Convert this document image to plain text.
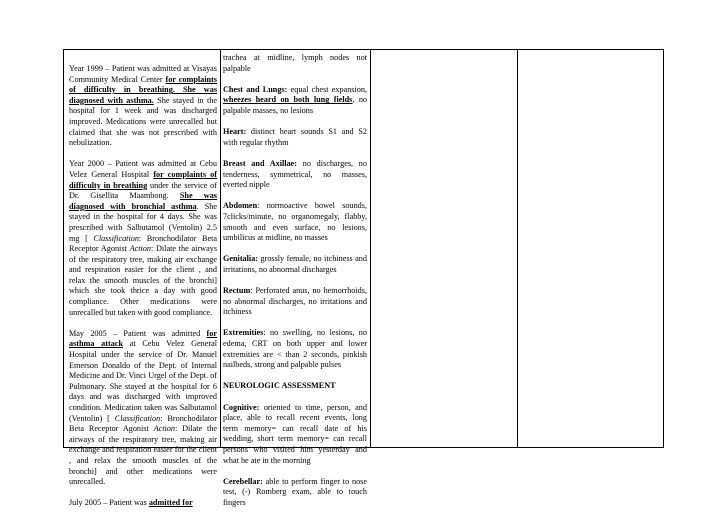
Year 1999 – Patient was admitted at Visayas Community Medical Center for complaints of difficulty in breathing. She was diagnosed with asthma. She stayed in the hospital for 1 week and was discharged improved. Medications were unrecalled but claimed that she was not prescribed with nebulization.

Year 2000 – Patient was admitted at Cebu Velez General Hospital for complaints of difficulty in breathing under the service of Dr. Gisellita Maambong. She was diagnosed with bronchial asthma. She stayed in the hospital for 4 days. She was prescribed with Salbutamol (Ventolin) 2.5 mg [ Classification: Bronchodilator Beta Receptor Agonist Action: Dilate the airways of the respiratory tree, making air exchange and respiration easier for the client , and relax the smooth muscles of the bronchi] which she took thrice a day with good compliance. Other medications were unrecalled but taken with good compliance.

May 2005 – Patient was admitted for asthma attack at Cebu Velez General Hospital under the service of Dr. Manuel Emerson Donaldo of the Dept. of Internal Medicine and Dr. Vinci Urgel of the Dept. of Pulmonary. She stayed at the hospital for 6 days and was discharged with improved condition. Medication taken was Salbutamol (Ventolin) [ Classification: Bronchodilator Beta Receptor Agonist Action: Dilate the airways of the respiratory tree, making air exchange and respiration easier for the client , and relax the smooth muscles of the bronchi] and other medications were unrecalled.

July 2005 – Patient was admitted for

trachea at midline, lymph nodes not palpable

Chest and Lungs: equal chest expansion, wheezes heard on both lung fields, no palpable masses, no lesions

Heart: distinct heart sounds S1 and S2 with regular rhythm

Breast and Axillae: no discharges, no tenderness, symmetrical, no masses, everted nipple

Abdomen: normoactive bowel sounds, 7clicks/minute, no organomegaly, flabby, smooth and even surface, no lesions, umbilicus at midline, no masses

Genitalia: grossly female, no itchiness and irritations, no abnormal discharges

Rectum: Perforated anus, no hemorrhoids, no abnormal discharges, no irritations and itchiness

Extremities: no swelling, no lesions, no edema, CRT on both upper and lower extremities are < than 2 seconds, pinkish nailbeds, strong and palpable pulses

NEUROLOGIC ASSESSMENT

Cognitive: oriented to time, person, and place, able to recall recent events, long term memory= can recall date of his wedding, short term memory= can recall persons who visited him yesterday and what he ate in the morning

Cerebellar: able to perform finger to nose test, (-) Romberg exam, able to touch fingers
